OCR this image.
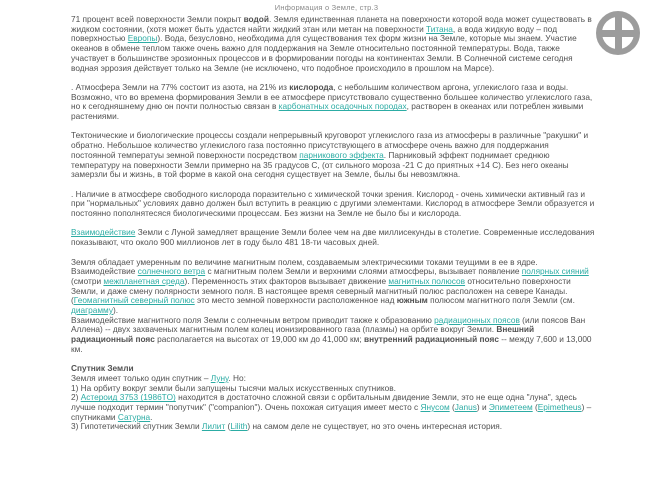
Информация о Земле, стр.3
71 процент всей поверхности Земли покрыт водой. Земля единственная планета на поверхности которой вода может существовать в жидком состоянии, (хотя может быть удастся найти жидкий этан или метан на поверхности Титана, а вода жидкую воду – под поверхностью Европы). Вода, безусловно, необходима для существования тех форм жизни на Земле, которые мы знаем. Участие океанов в обмене теплом также очень важно для поддержания на Земле относительно постоянной температуры. Вода, также участвует в большинстве эрозионных процессов и в формировании погоды на континентах Земли. В Солнечной системе сегодня водная эррозия действует только на Земле (не исключено, что подобное происходило в прошлом на Марсе).
. Атмосфера Земли на 77% состоит из азота, на 21% из кислорода, с небольшим количеством аргона, углекислого газа и воды. Возможно, что во времена формирования Земли в ее атмосфере присутствовало существенно большее количество углекислого газа, но к сегодняшнему дню он почти полностью связан в карбонатных осадочных породах, растворен в океанах или потреблен живыми растениями.
Тектонические и биологические процессы создали непрерывный круговорот углекислого газа из атмосферы в различные "ракушки" и обратно. Небольшое количество углекислого газа постоянно присутствующего в атмосфере очень важно для поддержания постоянной температуы земной поверхности посредством парникового эффекта. Парниковый эффект поднимает среднюю температуру на поверхности Земли примерно на 35 градусов С, (от сильного мороза -21 С до приятных +14 С). Без него океаны замерзли бы и жизнь, в той форме в какой она сегодня существует на Земле, былы бы невозмлжна.
. Наличие в атмосфере свободного кислорода поразительно с химической точки зрения. Кислород - очень химически активный газ и при "нормальных" условиях давно должен был вступить в реакцию с другими элементами. Кислород в атмосфере Земли образуется и постоянно пополнятесяся биологическими процессам. Без жизни на Земле не было бы и кислорода.
Взаимодействие Земли с Луной замедляет вращение Земли более чем на две миллисекунды в столетие. Современные исследования показывают, что около 900 миллионов лет в году было 481 18-ти часовых дней.
Земля обладает умеренным по величине магнитным полем, создаваемым электрическими токами теущими в ее в ядре. Взаимодействие солнечного ветра с магнитным полем Земли и верхними слоями атмосферы, вызывает появление полярных сияний (смотри межпланетная среда). Переменность этих факторов вызывает движение магнитных полюсов относительно поверхности Земли, и даже смену полярности земного поля. В настоящее время северный магнитный полюс расположен на севере Канады. (Геомагнитный северный полюс это место земной поверхности расположенное над южным полюсом магнитного поля Земли (см. диаграмму).
Взаимодействие магнитного поля Земли с солнечным ветром приводит также к образованию радиационных поясов (или поясов Ван Аллена) -- двух захваченых магнитным полем колец ионизированного газа (плазмы) на орбите вокруг Земли. Внешний радиационный пояс располагается на высотах от 19,000 км до 41,000 км; внутренний радиационный пояс -- между 7,600 и 13,000 км.
Спутник Земли
Земля имеет только один спутник – Луну. Но:
1) На орбиту вокруг земли были запущены тысячи малых искусственных спутников.
2) Астероид 3753 (1986TO) находится в достаточно сложной связи с орбитальным двидение Земли, это не еще одна "луна", здесь лучше подходит термин "попутчик" ("companion"). Очень похожая ситуация имеет место с Янусом (Janus) и Эпиметеем (Epimetheus) – спутниками Сатурна.
3) Гипотетический спутник Земли Лилит (Lilith) на самом деле не существует, но это очень интересная история.
